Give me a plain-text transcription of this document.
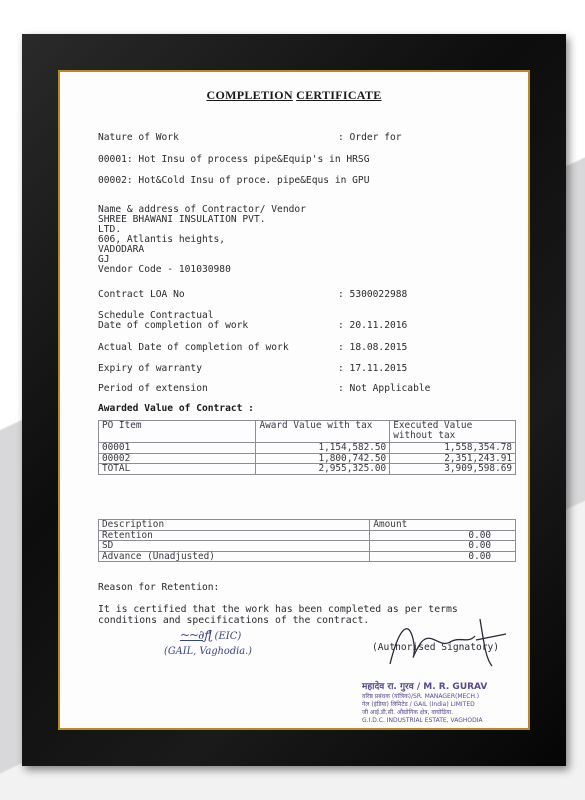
COMPLETION CERTIFICATE
Nature of Work	: Order for
00001: Hot Insu of process pipe&Equip's in HRSG
00002: Hot&Cold Insu of proce. pipe&Equs in GPU
Name & address of Contractor/ Vendor
SHREE BHAWANI INSULATION PVT.
LTD.
606, Atlantis heights,
VADODARA
GJ
Vendor Code - 101030980
Contract LOA No	: 5300022988
Schedule Contractual
Date of completion of work	: 20.11.2016
Actual Date of completion of work	: 18.08.2015
Expiry of warranty	: 17.11.2015
Period of extension	: Not Applicable
Awarded Value of Contract :
PO Item	Award Value with tax	Executed Value without tax
00001	1,154,582.50	1,558,354.78
00002	1,800,742.50	2,351,243.91
TOTAL	2,955,325.00	3,909,598.69
Description	Amount
Retention	0.00
SD	0.00
Advance (Unadjusted)	0.00
Reason for Retention:
It is certified that the work has been completed as per terms
conditions and specifications of the contract.
(Authorised Signatory)
~~∂ꝭɭ (EIC)
(GAIL, Vaghodia.)
महादेव रा. गुरव / M. R. GURAV
वरिष्ठ प्रबंधक (यांत्रिक)/SR. MANAGER(MECH.)
गेल (इंडिया) लिमिटेड / GAIL (India) LIMITED
जी आई.डी.सी. औद्योगिक क्षेत्र, वाघोडिया.
G.I.D.C. INDUSTRIAL ESTATE, VAGHODIA
